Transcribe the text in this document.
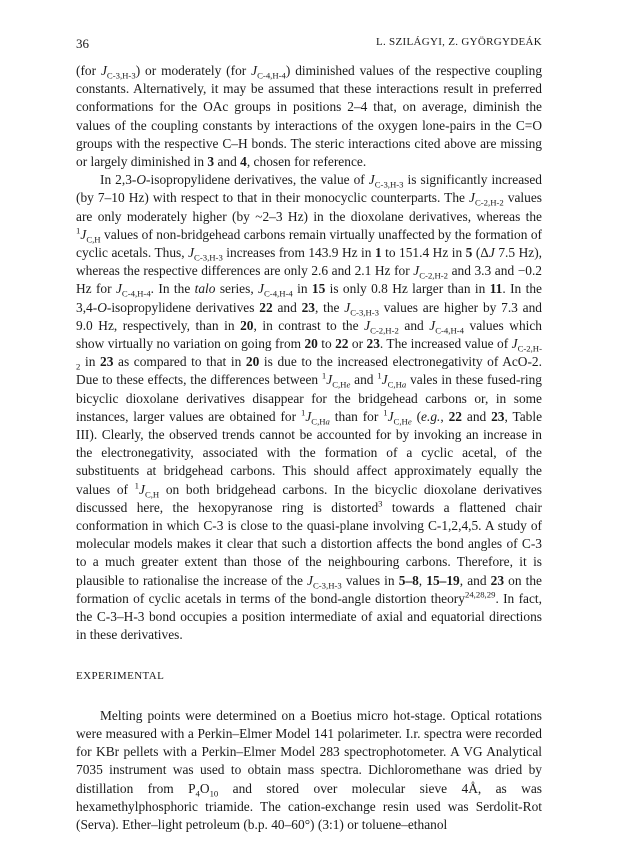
36	L. SZILÁGYI, Z. GYÖRGYDEÁK

(for $J_{C-3,H-3}$) or moderately (for $J_{C-4,H-4}$) diminished values of the respective coupling constants. Alternatively, it may be assumed that these interactions result in preferred conformations for the OAc groups in positions 2–4 that, on average, diminish the values of the coupling constants by interactions of the oxygen lone-pairs in the C=O groups with the respective C–H bonds. The steric interactions cited above are missing or largely diminished in 3 and 4, chosen for reference.

In 2,3-O-isopropylidene derivatives, the value of $J_{C-3,H-3}$ is significantly increased (by 7–10 Hz) with respect to that in their monocyclic counterparts. The $J_{C-2,H-2}$ values are only moderately higher (by ~2–3 Hz) in the dioxolane derivatives, whereas the $^1J_{C,H}$ values of non-bridgehead carbons remain virtually unaffected by the formation of cyclic acetals. Thus, $J_{C-3,H-3}$ increases from 143.9 Hz in 1 to 151.4 Hz in 5 (ΔJ 7.5 Hz), whereas the respective differences are only 2.6 and 2.1 Hz for $J_{C-2,H-2}$ and 3.3 and −0.2 Hz for $J_{C-4,H-4}$. In the talo series, $J_{C-4,H-4}$ in 15 is only 0.8 Hz larger than in 11. In the 3,4-O-isopropylidene derivatives 22 and 23, the $J_{C-3,H-3}$ values are higher by 7.3 and 9.0 Hz, respectively, than in 20, in contrast to the $J_{C-2,H-2}$ and $J_{C-4,H-4}$ values which show virtually no variation on going from 20 to 22 or 23. The increased value of $J_{C-2,H-2}$ in 23 as compared to that in 20 is due to the increased electronegativity of AcO-2. Due to these effects, the differences between $^1J_{C,He}$ and $^1J_{C,Ha}$ vales in these fused-ring bicyclic dioxolane derivatives disappear for the bridgehead carbons or, in some instances, larger values are obtained for $^1J_{C,Ha}$ than for $^1J_{C,He}$ (e.g., 22 and 23, Table III). Clearly, the observed trends cannot be accounted for by invoking an increase in the electronegativity, associated with the formation of a cyclic acetal, of the substituents at bridgehead carbons. This should affect approximately equally the values of $^1J_{C,H}$ on both bridgehead carbons. In the bicyclic dioxolane derivatives discussed here, the hexopyranose ring is distorted$^3$ towards a flattened chair conformation in which C-3 is close to the quasi-plane involving C-1,2,4,5. A study of molecular models makes it clear that such a distortion affects the bond angles of C-3 to a much greater extent than those of the neighbouring carbons. Therefore, it is plausible to rationalise the increase of the $J_{C-3,H-3}$ values in 5–8, 15–19, and 23 on the formation of cyclic acetals in terms of the bond-angle distortion theory$^{24,28,29}$. In fact, the C-3–H-3 bond occupies a position intermediate of axial and equatorial directions in these derivatives.

EXPERIMENTAL

Melting points were determined on a Boetius micro hot-stage. Optical rotations were measured with a Perkin–Elmer Model 141 polarimeter. I.r. spectra were recorded for KBr pellets with a Perkin–Elmer Model 283 spectrophotometer. A VG Analytical 7035 instrument was used to obtain mass spectra. Dichloromethane was dried by distillation from $P_4O_{10}$ and stored over molecular sieve 4Å, as was hexamethylphosphoric triamide. The cation-exchange resin used was Serdolit-Rot (Serva). Ether–light petroleum (b.p. 40–60°) (3:1) or toluene–ethanol
